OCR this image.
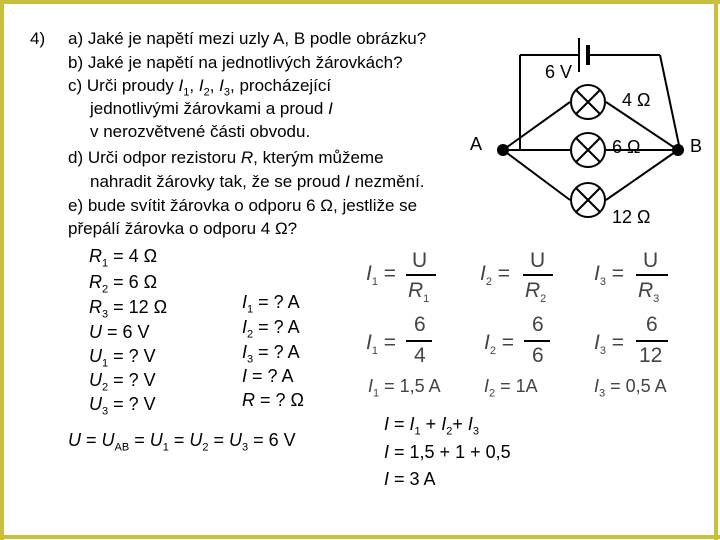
4) a) Jaké je napětí mezi uzly A, B podle obrázku?
b) Jaké je napětí na jednotlivých žárovkách?
c) Urči proudy $I_1$, $I_2$, $I_3$, procházející
jednotlivými žárovkami a proud I
v nerozvětvené části obvodu.
d) Urči odpor rezistoru R, kterým můžeme
nahradit žárovky tak, že se proud I nezmění.
e) bude svítit žárovka o odporu 6 Ω, jestliže se
přepálí žárovka o odporu 4 Ω?
6 V
4 Ω
6 Ω
12 Ω
A	B
$R_1 = 4$ Ω
$R_2 = 6$ Ω
$R_3 = 12$ Ω
U = 6 V
$U_1$ = ? V
$U_2$ = ? V
$U_3$ = ? V
$I_1$ = ? A
$I_2$ = ? A
$I_3$ = ? A
I = ? A
R = ? Ω
$U = U_{AB} = U_1 = U_2 = U_3 = 6$ V
$I_1$ =
U
$R_1$
$I_2$ =
U
$R_2$
$I_3$ =
U
$R_3$
$I_1$ =
6
4
$I_2$ =
6
6
$I_3$ =
6
12
$I_1 = 1,5$ A $I_2 = 1A$	$I_3 = 0,5$ A
$I = I_1 + I_2+ I_3$
I = 1,5 + 1 + 0,5
I = 3 A
